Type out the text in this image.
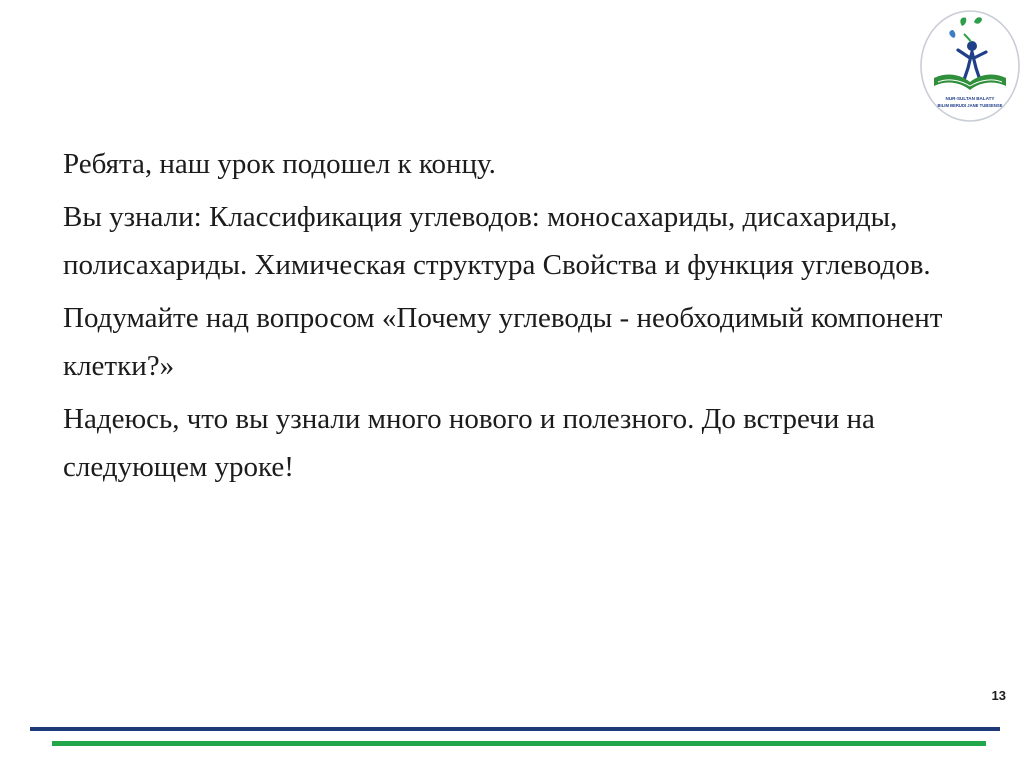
NUR-SULTAN BALATY
BILIM BERUDI JANE TUBSENSE

Ребята, наш урок подошел к концу.

Вы узнали: Классификация углеводов: моносахариды, дисахариды, полисахариды. Химическая структура Свойства и функция углеводов.

Подумайте над вопросом «Почему углеводы - необходимый компонент клетки?»

Надеюсь, что вы узнали много нового и полезного. До встречи на следующем уроке!

13
